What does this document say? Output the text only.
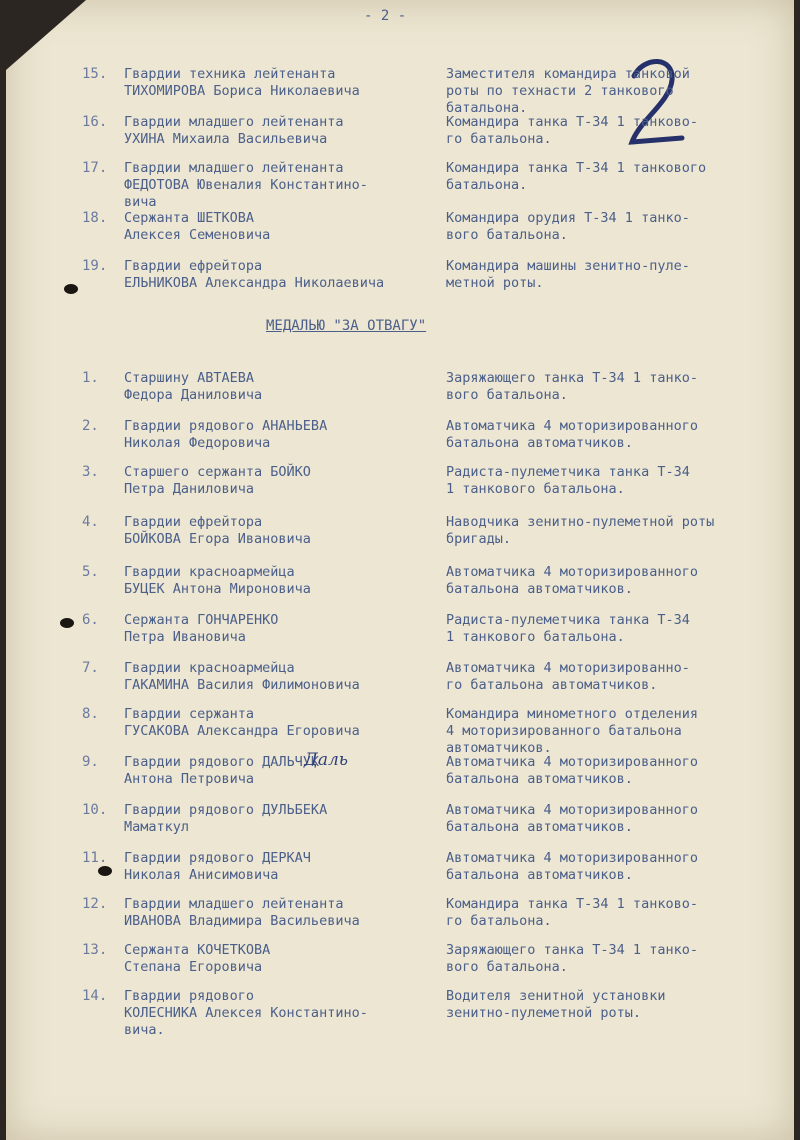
- 2 -
15. Гвардии техника лейтенанта
ТИХОМИРОВА Бориса Николаевича
Заместителя командира танковой
роты по технасти 2 танкового
батальона.
16. Гвардии младшего лейтенанта
УХИНА Михаила Васильевича
Командира танка Т-34 1 танково-
го батальона.
17. Гвардии младшего лейтенанта
ФЕДОТОВА Ювеналия Константино-
вича
Командира танка Т-34 1 танкового
батальона.
18. Сержанта ШЕТКОВА
Алексея Семеновича
Командира орудия Т-34 1 танко-
вого батальона.
19. Гвардии ефрейтора
ЕЛЬНИКОВА Александра Николаевича
Командира машины зенитно-пуле-
метной роты.
МЕДАЛЬЮ "ЗА ОТВАГУ"
1. Старшину АВТАЕВА
Федора Даниловича
Заряжающего танка Т-34 1 танко-
вого батальона.
2. Гвардии рядового АНАНЬЕВА
Николая Федоровича
Автоматчика 4 моторизированного
батальона автоматчиков.
3. Старшего сержанта БОЙКО
Петра Даниловича
Радиста-пулеметчика танка Т-34
1 танкового батальона.
4. Гвардии ефрейтора
БОЙКОВА Егора Ивановича
Наводчика зенитно-пулеметной роты
бригады.
5. Гвардии красноармейца
БУЦЕК Антона Мироновича
Автоматчика 4 моторизированного
батальона автоматчиков.
6. Сержанта ГОНЧАРЕНКО
Петра Ивановича
Радиста-пулеметчика танка Т-34
1 танкового батальона.
7. Гвардии красноармейца
ГАКАМИНА Василия Филимоновича
Автоматчика 4 моторизированно-
го батальона автоматчиков.
8. Гвардии сержанта
ГУСАКОВА Александра Егоровича
Командира минометного отделения
4 моторизированного батальона
автоматчиков.
9. Гвардии рядового ДАЛЬЧУК
Антона Петровича
Автоматчика 4 моторизированного
батальона автоматчиков.
10. Гвардии рядового ДУЛЬБЕКА
Маматкул
Автоматчика 4 моторизированного
батальона автоматчиков.
11. Гвардии рядового ДЕРКАЧ
Николая Анисимовича
Автоматчика 4 моторизированного
батальона автоматчиков.
12. Гвардии младшего лейтенанта
ИВАНОВА Владимира Васильевича
Командира танка Т-34 1 танково-
го батальона.
13. Сержанта КОЧЕТКОВА
Степана Егоровича
Заряжающего танка Т-34 1 танко-
вого батальона.
14. Гвардии рядового
КОЛЕСНИКА Алексея Константино-
вича.
Водителя зенитной установки
зенитно-пулеметной роты.
Даль
